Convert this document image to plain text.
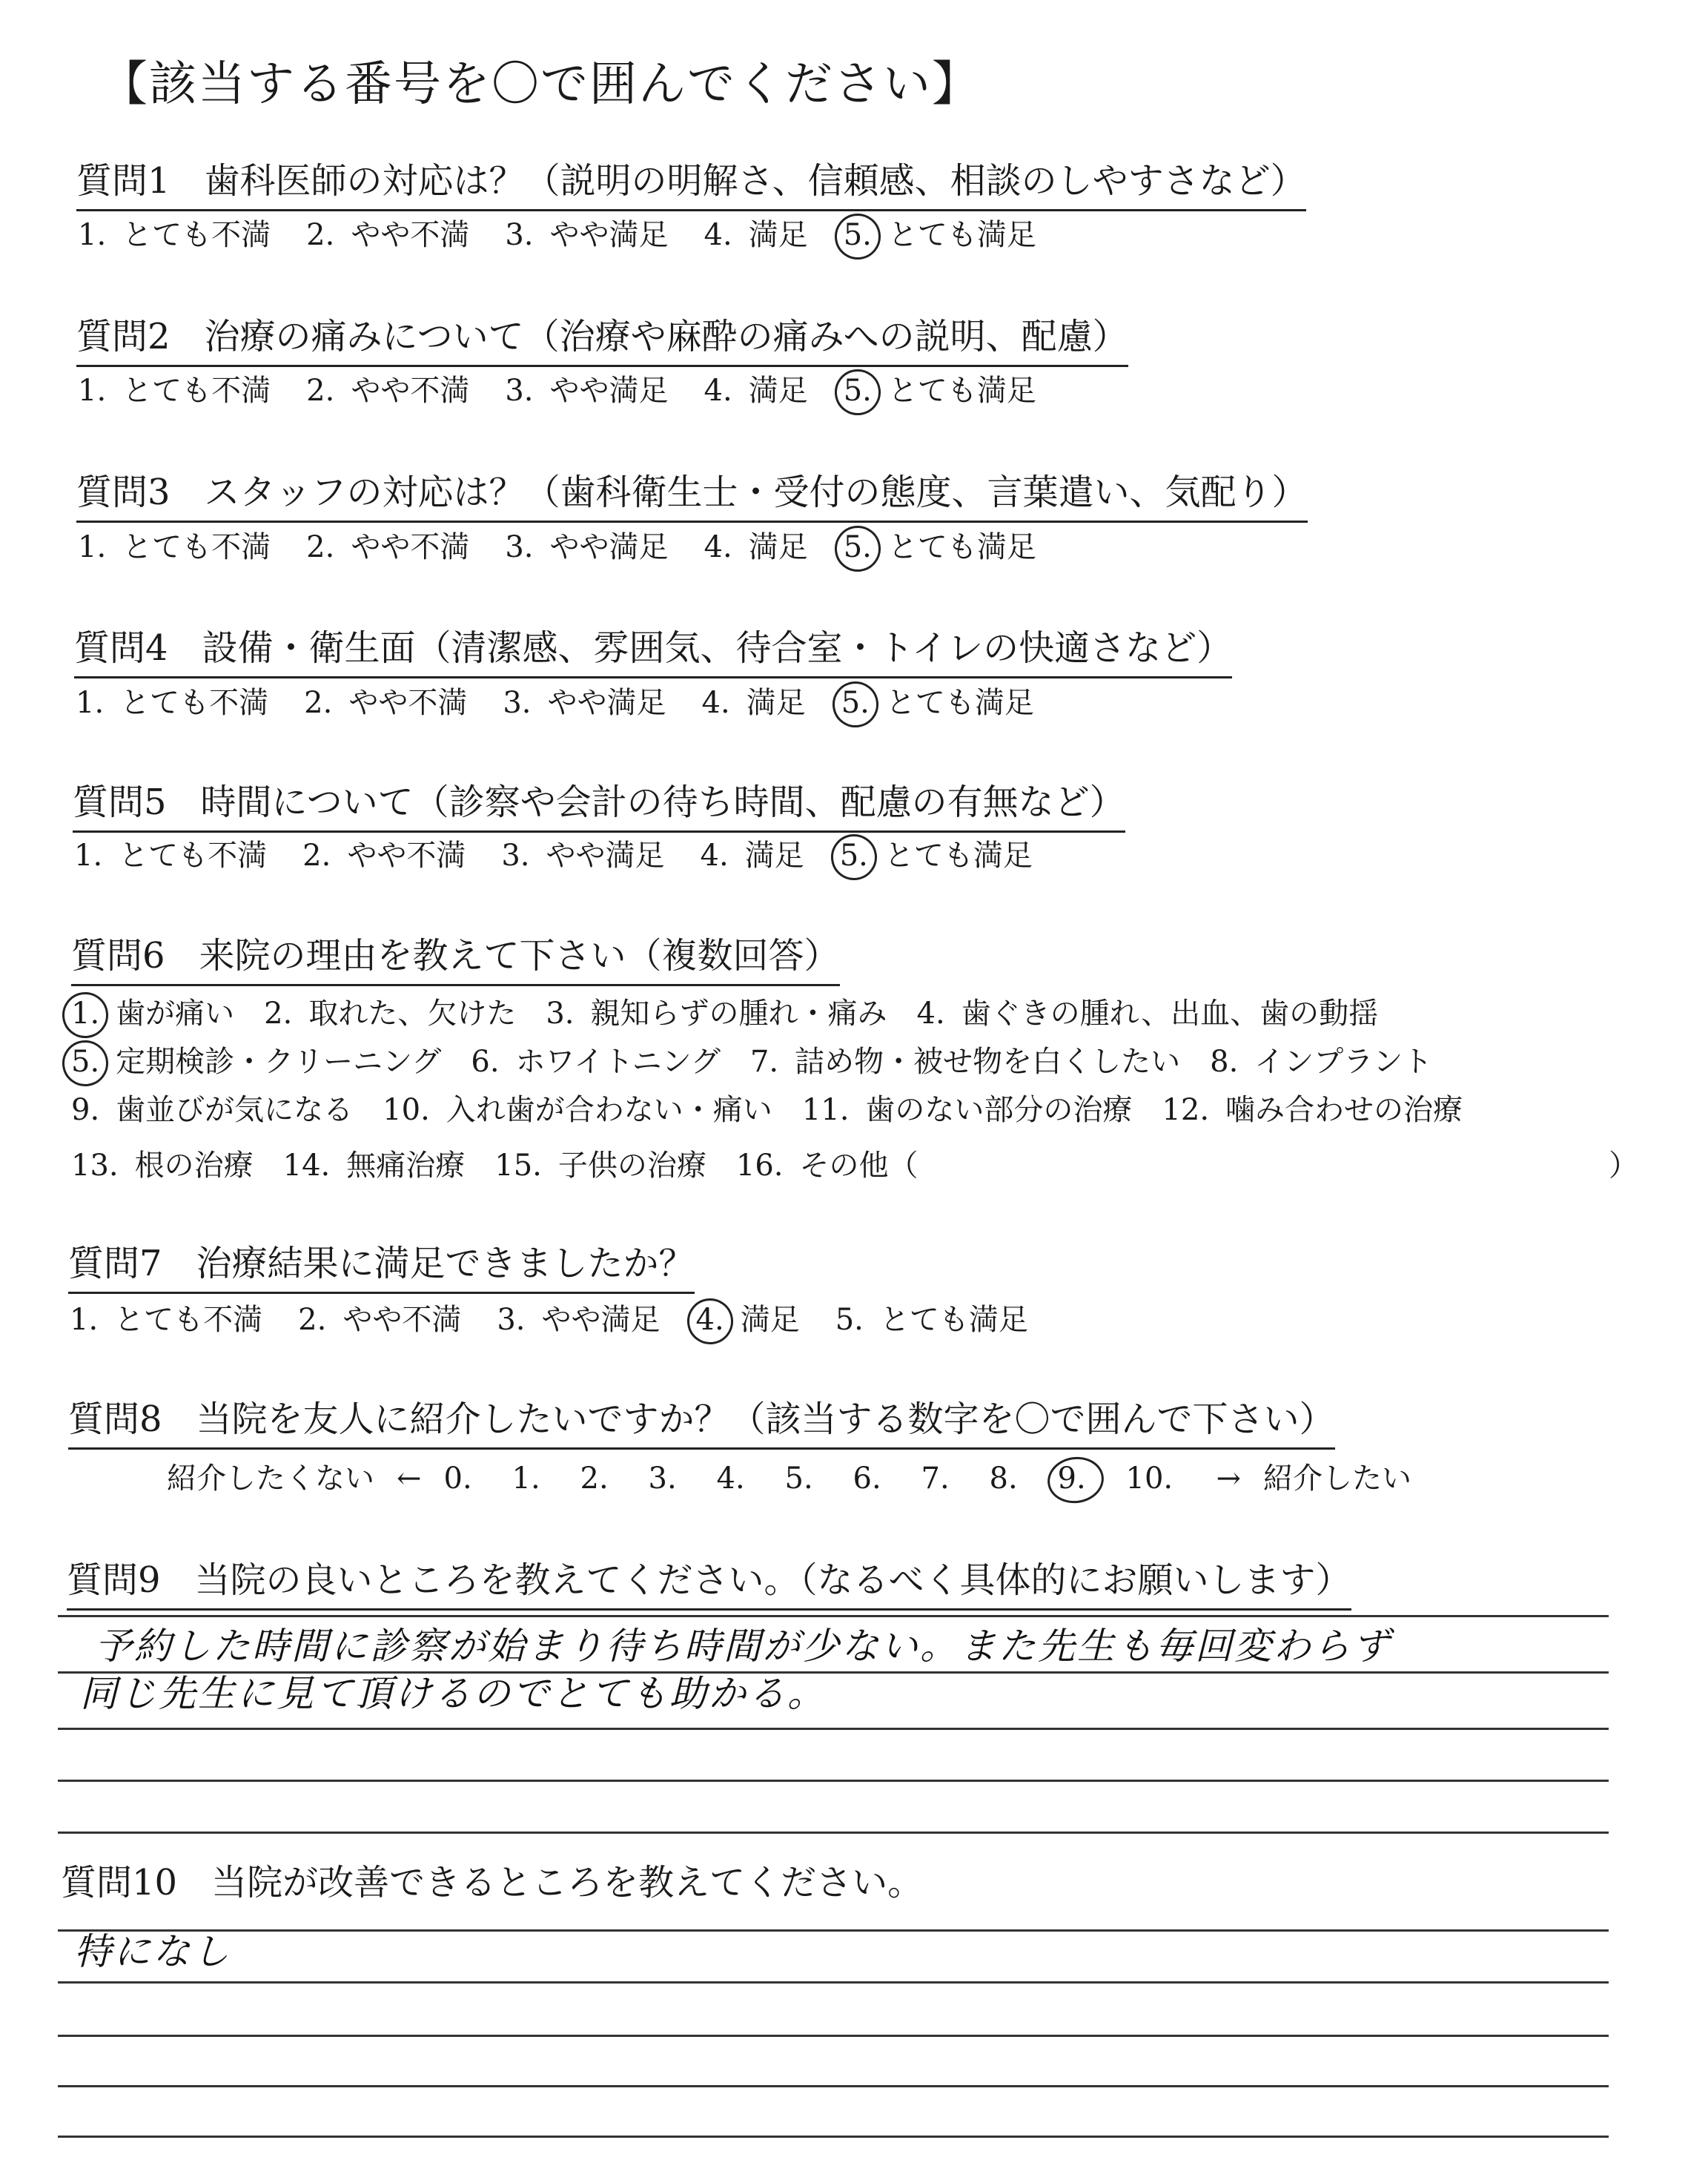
【該当する番号を〇で囲んでください】
質問1 歯科医師の対応は？（説明の明解さ、信頼感、相談のしやすさなど）
1. とても不満 2. やや不満 3. やや満足 4. 満足 5. とても満足
質問2 治療の痛みについて（治療や麻酔の痛みへの説明、配慮）
1. とても不満 2. やや不満 3. やや満足 4. 満足 5. とても満足
質問3 スタッフの対応は？（歯科衛生士・受付の態度、言葉遣い、気配り）
1. とても不満 2. やや不満 3. やや満足 4. 満足 5. とても満足
質問4 設備・衛生面（清潔感、雰囲気、待合室・トイレの快適さなど）
1. とても不満 2. やや不満 3. やや満足 4. 満足 5. とても満足
質問5 時間について（診察や会計の待ち時間、配慮の有無など）
1. とても不満 2. やや不満 3. やや満足 4. 満足 5. とても満足
質問7 治療結果に満足できましたか？
1. とても不満 2. やや不満 3. やや満足 4. 満足 5. とても満足
質問6 来院の理由を教えて下さい（複数回答）
1. 歯が痛い 2. 取れた、欠けた 3. 親知らずの腫れ・痛み 4. 歯ぐきの腫れ、出血、歯の動揺
5. 定期検診・クリーニング 6. ホワイトニング 7. 詰め物・被せ物を白くしたい 8. インプラント
9. 歯並びが気になる 10. 入れ歯が合わない・痛い 11. 歯のない部分の治療 12. 噛み合わせの治療
13. 根の治療 14. 無痛治療 15. 子供の治療 16. その他（	）
質問8 当院を友人に紹介したいですか？（該当する数字を〇で囲んで下さい）
紹介したくない ← 0. 1. 2. 3. 4. 5. 6. 7. 8. 9. 10. → 紹介したい
質問9 当院の良いところを教えてください。（なるべく具体的にお願いします）
予約した時間に診察が始まり待ち時間が少ない。また先生も毎回変わらず
同じ先生に見て頂けるのでとても助かる。
質問10 当院が改善できるところを教えてください。
特になし
